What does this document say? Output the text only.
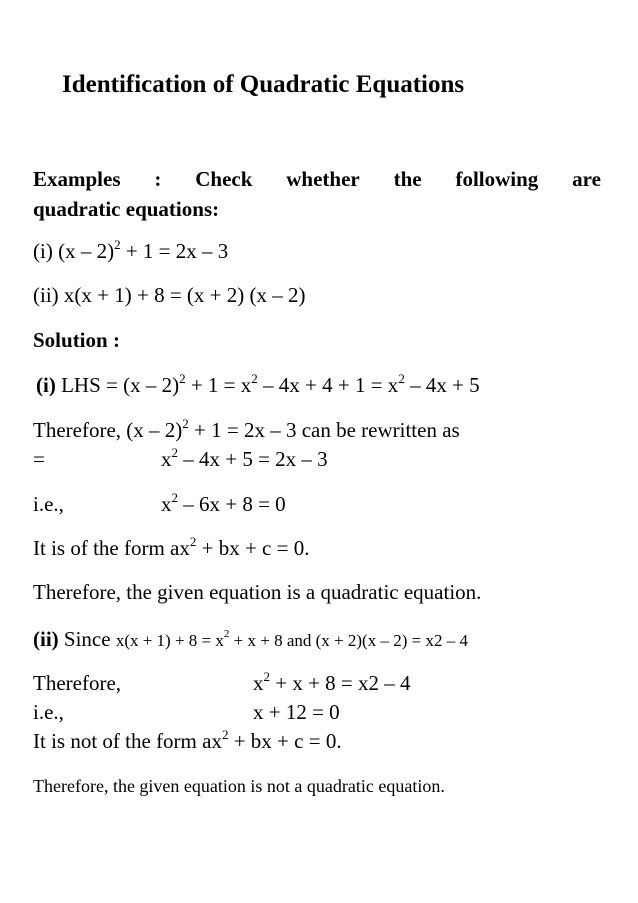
Identification of Quadratic Equations
Examples : Check whether the following are
quadratic equations:
(i) (x – 2)$^2$ + 1 = 2x – 3
(ii) x(x + 1) + 8 = (x + 2) (x – 2)
Solution :
(i) LHS = $(x - 2)^2 + 1 = x^2 - 4x + 4 + 1 = x^2 - 4x + 5$
Therefore, (x – 2)$^2$ + 1 = 2x – 3 can be rewritten as
=	$x^2 - 4x + 5 = 2x - 3$
i.e.,	$x^2 - 6x + 8 = 0$
It is of the form $ax^2$ + bx + c = 0.
Therefore, the given equation is a quadratic equation.
(ii) Since $x(x + 1) + 8 = x^2 + x + 8$ and (x + 2)(x – 2) = x2 – 4
Therefore,	$x^2 + x + 8 = x2 - 4$
i.e.,	x + 12 = 0
It is not of the form $ax^2$ + bx + c = 0.
Therefore, the given equation is not a quadratic equation.
